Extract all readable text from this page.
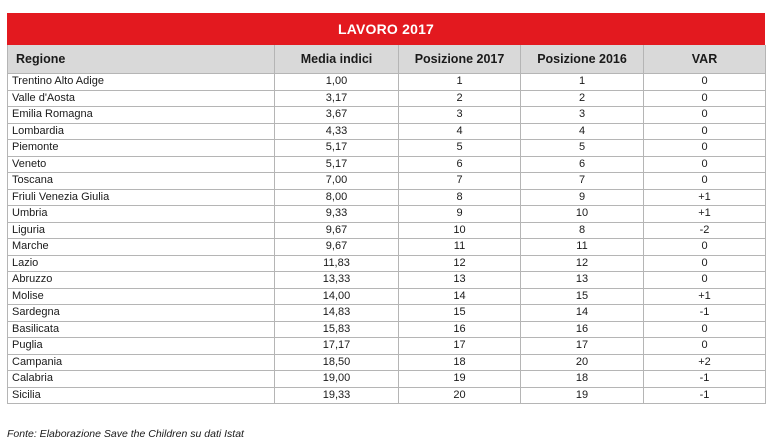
LAVORO 2017
Regione	Media indici	Posizione 2017	Posizione 2016	VAR
Trentino Alto Adige	1,00	1	1	0
Valle d'Aosta	3,17	2	2	0
Emilia Romagna	3,67	3	3	0
Lombardia	4,33	4	4	0
Piemonte	5,17	5	5	0
Veneto	5,17	6	6	0
Toscana	7,00	7	7	0
Friuli Venezia Giulia	8,00	8	9	+1
Umbria	9,33	9	10	+1
Liguria	9,67	10	8	-2
Marche	9,67	11	11	0
Lazio	11,83	12	12	0
Abruzzo	13,33	13	13	0
Molise	14,00	14	15	+1
Sardegna	14,83	15	14	-1
Basilicata	15,83	16	16	0
Puglia	17,17	17	17	0
Campania	18,50	18	20	+2
Calabria	19,00	19	18	-1
Sicilia	19,33	20	19	-1
Fonte: Elaborazione Save the Children su dati Istat
